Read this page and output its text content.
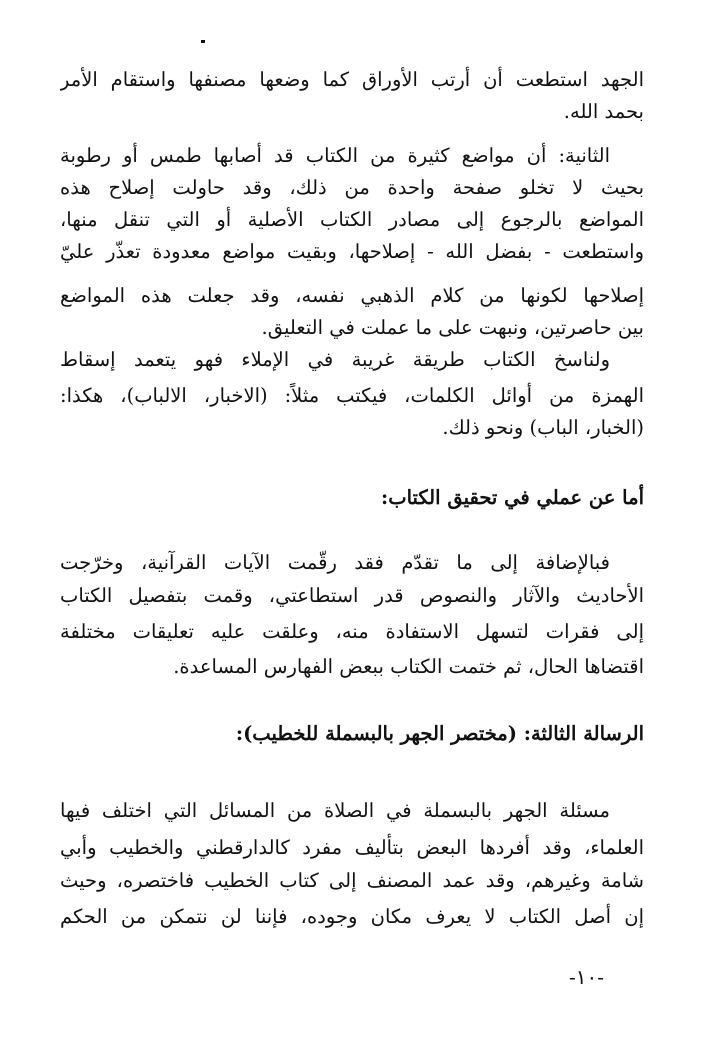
الجهد استطعت أن أرتب الأوراق كما وضعها مصنفها واستقام الأمر
بحمد الله.
الثانية: أن مواضع كثيرة من الكتاب قد أصابها طمس أو رطوبة
بحيث لا تخلو صفحة واحدة من ذلك، وقد حاولت إصلاح هذه
المواضع بالرجوع إلى مصادر الكتاب الأصلية أو التي تنقل منها،
واستطعت - بفضل الله - إصلاحها، وبقيت مواضع معدودة تعذّر عليّ
إصلاحها لكونها من كلام الذهبي نفسه، وقد جعلت هذه المواضع
بين حاصرتين، ونبهت على ما عملت في التعليق.
ولناسخ الكتاب طريقة غريبة في الإملاء فهو يتعمد إسقاط
الهمزة من أوائل الكلمات، فيكتب مثلاً: (الاخبار، الالباب)، هكذا:
(الخبار، الباب) ونحو ذلك.
أما عن عملي في تحقيق الكتاب:
فبالإضافة إلى ما تقدّم فقد رقّمت الآيات القرآنية، وخرّجت
الأحاديث والآثار والنصوص قدر استطاعتي، وقمت بتفصيل الكتاب
إلى فقرات لتسهل الاستفادة منه، وعلقت عليه تعليقات مختلفة
اقتضاها الحال، ثم ختمت الكتاب ببعض الفهارس المساعدة.
الرسالة الثالثة: (مختصر الجهر بالبسملة للخطيب):
مسئلة الجهر بالبسملة في الصلاة من المسائل التي اختلف فيها
العلماء، وقد أفردها البعض بتأليف مفرد كالدارقطني والخطيب وأبي
شامة وغيرهم، وقد عمد المصنف إلى كتاب الخطيب فاختصره، وحيث
إن أصل الكتاب لا يعرف مكان وجوده، فإننا لن نتمكن من الحكم
-١٠-
